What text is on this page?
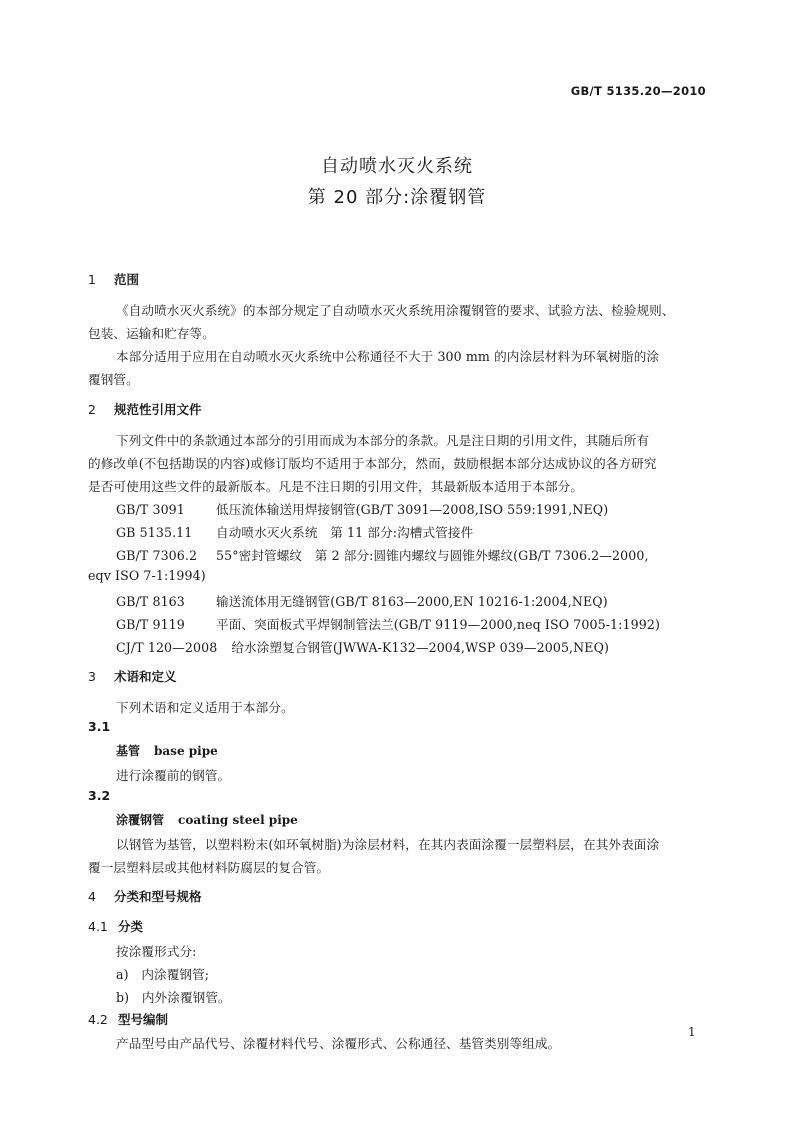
GB/T 5135.20—2010
自动喷水灭火系统
第 20 部分:涂覆钢管
1 范围
《自动喷水灭火系统》的本部分规定了自动喷水灭火系统用涂覆钢管的要求、试验方法、检验规则、
包装、运输和贮存等。
本部分适用于应用在自动喷水灭火系统中公称通径不大于 300 mm 的内涂层材料为环氧树脂的涂
覆钢管。
2 规范性引用文件
下列文件中的条款通过本部分的引用而成为本部分的条款。凡是注日期的引用文件，其随后所有
的修改单(不包括勘误的内容)或修订版均不适用于本部分，然而，鼓励根据本部分达成协议的各方研究
是否可使用这些文件的最新版本。凡是不注日期的引用文件，其最新版本适用于本部分。
GB/T 3091 低压流体输送用焊接钢管(GB/T 3091—2008,ISO 559:1991,NEQ)
GB 5135.11 自动喷水灭火系统　第 11 部分:沟槽式管接件
GB/T 7306.2 55°密封管螺纹　第 2 部分:圆锥内螺纹与圆锥外螺纹(GB/T 7306.2—2000,
eqv ISO 7-1:1994)
GB/T 8163 输送流体用无缝钢管(GB/T 8163—2000,EN 10216-1:2004,NEQ)
GB/T 9119 平面、突面板式平焊钢制管法兰(GB/T 9119—2000,neq ISO 7005-1:1992)
CJ/T 120—2008 给水涂塑复合钢管(JWWA-K132—2004,WSP 039—2005,NEQ)
3 术语和定义
下列术语和定义适用于本部分。
3.1
基管 base pipe
进行涂覆前的钢管。
3.2
涂覆钢管 coating steel pipe
以钢管为基管，以塑料粉末(如环氧树脂)为涂层材料，在其内表面涂覆一层塑料层，在其外表面涂
覆一层塑料层或其他材料防腐层的复合管。
4 分类和型号规格
4.1 分类
按涂覆形式分:
a)　内涂覆钢管;
b)　内外涂覆钢管。
4.2 型号编制
产品型号由产品代号、涂覆材料代号、涂覆形式、公称通径、基管类别等组成。
1
